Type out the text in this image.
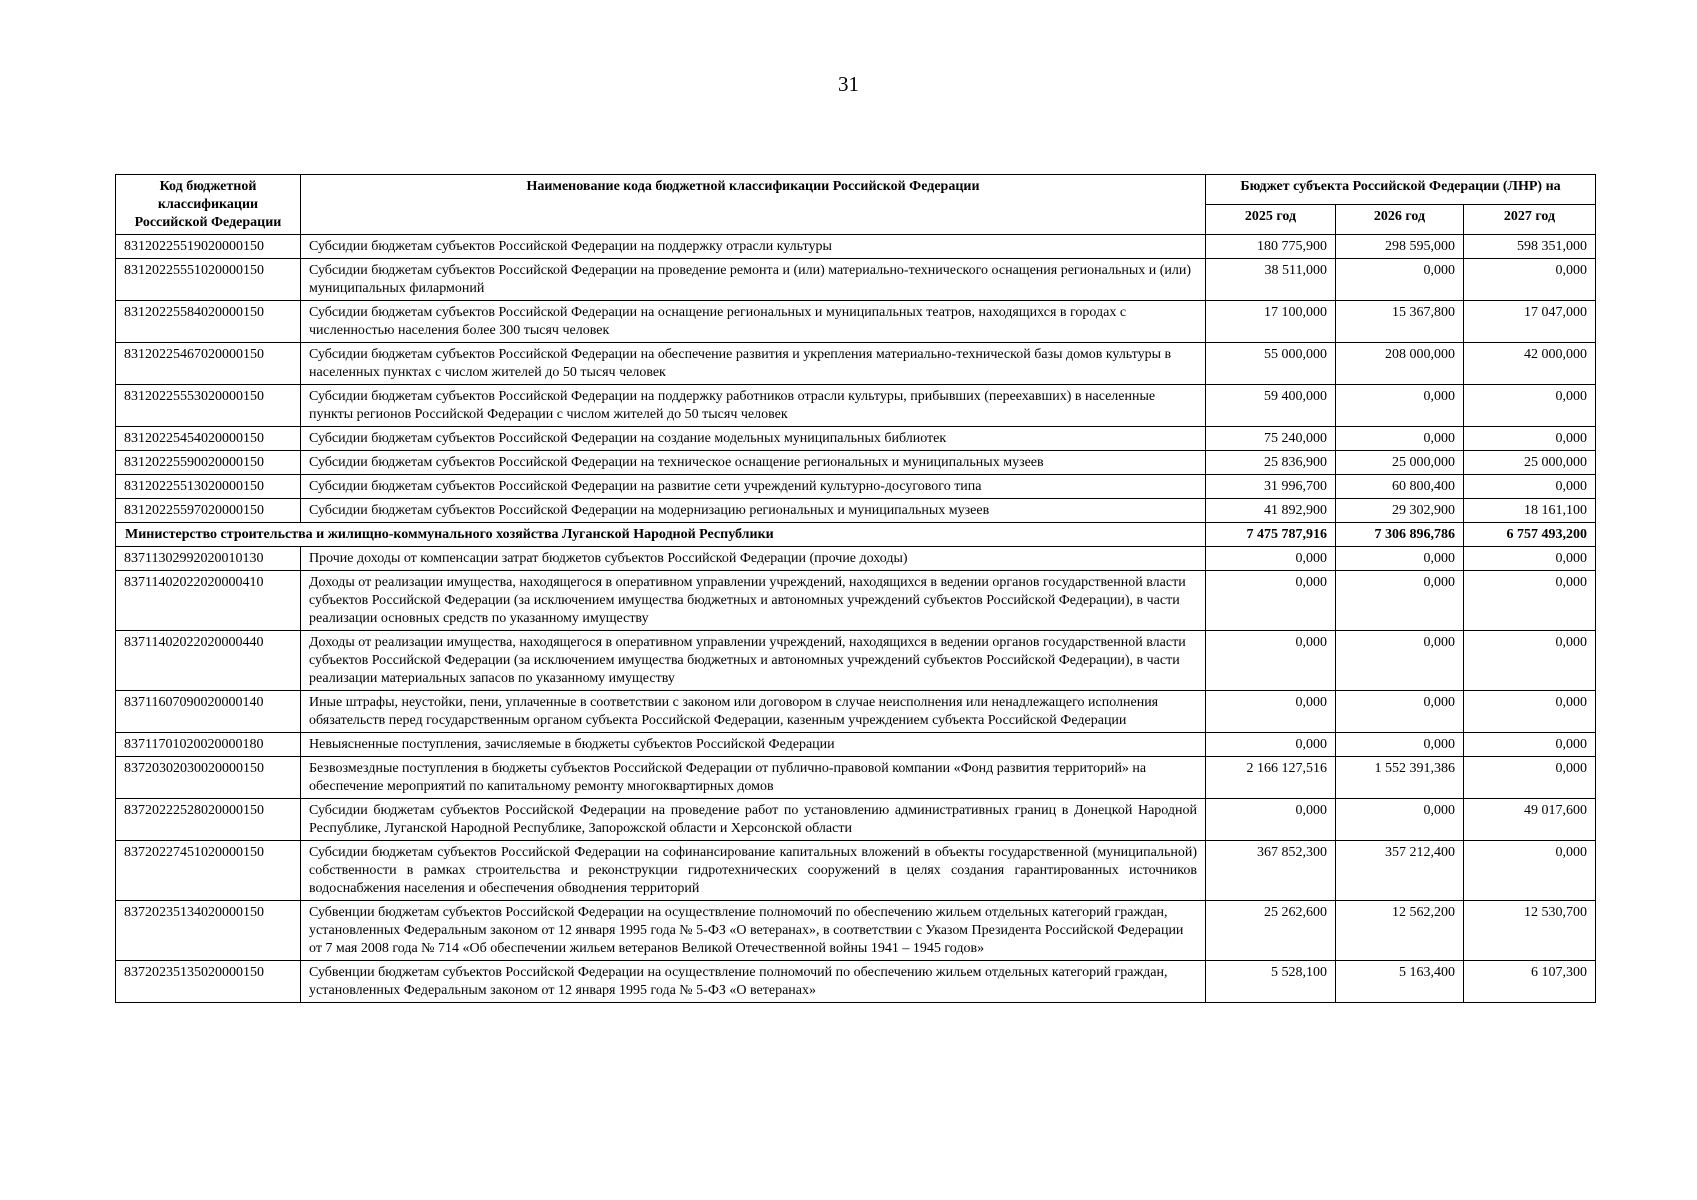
31
Код бюджетной классификации Российской Федерации	Наименование кода бюджетной классификации Российской Федерации	Бюджет субъекта Российской Федерации (ЛНР) на		
		2025 год	2026 год	2027 год
83120225519020000150	Субсидии бюджетам субъектов Российской Федерации на поддержку отрасли культуры	180 775,900	298 595,000	598 351,000
83120225551020000150	Субсидии бюджетам субъектов Российской Федерации на проведение ремонта и (или) материально-технического оснащения региональных и (или) муниципальных филармоний	38 511,000	0,000	0,000
83120225584020000150	Субсидии бюджетам субъектов Российской Федерации на оснащение региональных и муниципальных театров, находящихся в городах с численностью населения более 300 тысяч человек	17 100,000	15 367,800	17 047,000
83120225467020000150	Субсидии бюджетам субъектов Российской Федерации на обеспечение развития и укрепления материально-технической базы домов культуры в населенных пунктах с числом жителей до 50 тысяч человек	55 000,000	208 000,000	42 000,000
83120225553020000150	Субсидии бюджетам субъектов Российской Федерации на поддержку работников отрасли культуры, прибывших (переехавших) в населенные пункты регионов Российской Федерации с числом жителей до 50 тысяч человек	59 400,000	0,000	0,000
83120225454020000150	Субсидии бюджетам субъектов Российской Федерации на создание модельных муниципальных библиотек	75 240,000	0,000	0,000
83120225590020000150	Субсидии бюджетам субъектов Российской Федерации на техническое оснащение региональных и муниципальных музеев	25 836,900	25 000,000	25 000,000
83120225513020000150	Субсидии бюджетам субъектов Российской Федерации на развитие сети учреждений культурно-досугового типа	31 996,700	60 800,400	0,000
83120225597020000150	Субсидии бюджетам субъектов Российской Федерации на модернизацию региональных и муниципальных музеев	41 892,900	29 302,900	18 161,100
Министерство строительства и жилищно-коммунального хозяйства Луганской Народной Республики		7 475 787,916	7 306 896,786	6 757 493,200
83711302992020010130	Прочие доходы от компенсации затрат бюджетов субъектов Российской Федерации (прочие доходы)	0,000	0,000	0,000
83711402022020000410	Доходы от реализации имущества, находящегося в оперативном управлении учреждений, находящихся в ведении органов государственной власти субъектов Российской Федерации (за исключением имущества бюджетных и автономных учреждений субъектов Российской Федерации), в части реализации основных средств по указанному имуществу	0,000	0,000	0,000
83711402022020000440	Доходы от реализации имущества, находящегося в оперативном управлении учреждений, находящихся в ведении органов государственной власти субъектов Российской Федерации (за исключением имущества бюджетных и автономных учреждений субъектов Российской Федерации), в части реализации материальных запасов по указанному имуществу	0,000	0,000	0,000
83711607090020000140	Иные штрафы, неустойки, пени, уплаченные в соответствии с законом или договором в случае неисполнения или ненадлежащего исполнения обязательств перед государственным органом субъекта Российской Федерации, казенным учреждением субъекта Российской Федерации	0,000	0,000	0,000
83711701020020000180	Невыясненные поступления, зачисляемые в бюджеты субъектов Российской Федерации	0,000	0,000	0,000
83720302030020000150	Безвозмездные поступления в бюджеты субъектов Российской Федерации от публично-правовой компании «Фонд развития территорий» на обеспечение мероприятий по капитальному ремонту многоквартирных домов	2 166 127,516	1 552 391,386	0,000
83720222528020000150	Субсидии бюджетам субъектов Российской Федерации на проведение работ по установлению административных границ в Донецкой Народной Республике, Луганской Народной Республике, Запорожской области и Херсонской области	0,000	0,000	49 017,600
83720227451020000150	Субсидии бюджетам субъектов Российской Федерации на софинансирование капитальных вложений в объекты государственной (муниципальной) собственности в рамках строительства и реконструкции гидротехнических сооружений в целях создания гарантированных источников водоснабжения населения и обеспечения обводнения территорий	367 852,300	357 212,400	0,000
83720235134020000150	Субвенции бюджетам субъектов Российской Федерации на осуществление полномочий по обеспечению жильем отдельных категорий граждан, установленных Федеральным законом от 12 января 1995 года № 5-ФЗ «О ветеранах», в соответствии с Указом Президента Российской Федерации от 7 мая 2008 года № 714 «Об обеспечении жильем ветеранов Великой Отечественной войны 1941 – 1945 годов»	25 262,600	12 562,200	12 530,700
83720235135020000150	Субвенции бюджетам субъектов Российской Федерации на осуществление полномочий по обеспечению жильем отдельных категорий граждан, установленных Федеральным законом от 12 января 1995 года № 5-ФЗ «О ветеранах»	5 528,100	5 163,400	6 107,300
